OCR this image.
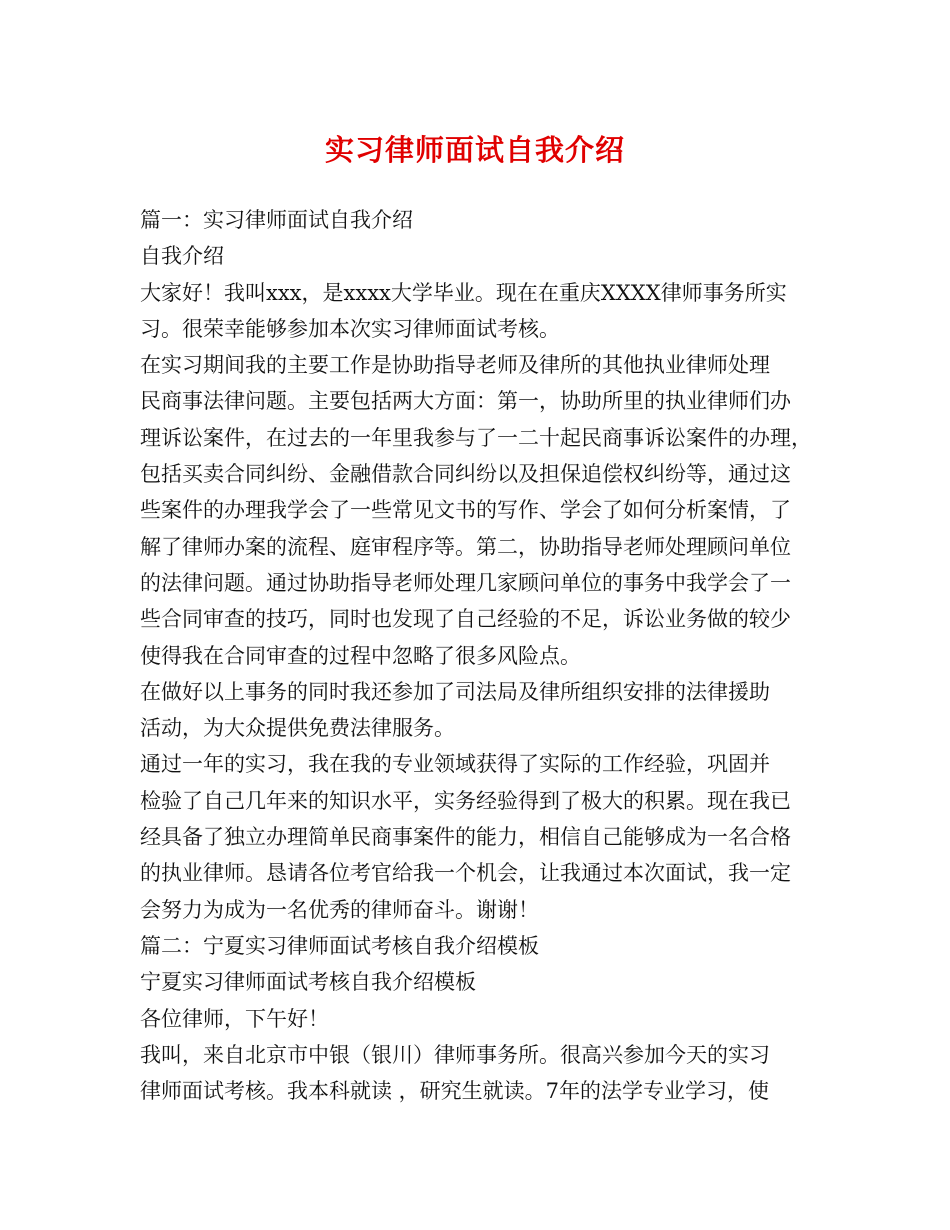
实习律师面试自我介绍
篇一：实习律师面试自我介绍
自我介绍
大家好！我叫xxx，是xxxx大学毕业。现在在重庆XXXX律师事务所实
习。很荣幸能够参加本次实习律师面试考核。
在实习期间我的主要工作是协助指导老师及律所的其他执业律师处理
民商事法律问题。主要包括两大方面：第一，协助所里的执业律师们办
理诉讼案件，在过去的一年里我参与了一二十起民商事诉讼案件的办理，
包括买卖合同纠纷、金融借款合同纠纷以及担保追偿权纠纷等，通过这
些案件的办理我学会了一些常见文书的写作、学会了如何分析案情，了
解了律师办案的流程、庭审程序等。第二，协助指导老师处理顾问单位
的法律问题。通过协助指导老师处理几家顾问单位的事务中我学会了一
些合同审查的技巧，同时也发现了自己经验的不足，诉讼业务做的较少
使得我在合同审查的过程中忽略了很多风险点。
在做好以上事务的同时我还参加了司法局及律所组织安排的法律援助
活动，为大众提供免费法律服务。
通过一年的实习，我在我的专业领域获得了实际的工作经验，巩固并
检验了自己几年来的知识水平，实务经验得到了极大的积累。现在我已
经具备了独立办理简单民商事案件的能力，相信自己能够成为一名合格
的执业律师。恳请各位考官给我一个机会，让我通过本次面试，我一定
会努力为成为一名优秀的律师奋斗。谢谢！
篇二：宁夏实习律师面试考核自我介绍模板
宁夏实习律师面试考核自我介绍模板
各位律师，下午好！
我叫，来自北京市中银（银川）律师事务所。很高兴参加今天的实习
律师面试考核。我本科就读 ，研究生就读。7年的法学专业学习，使
